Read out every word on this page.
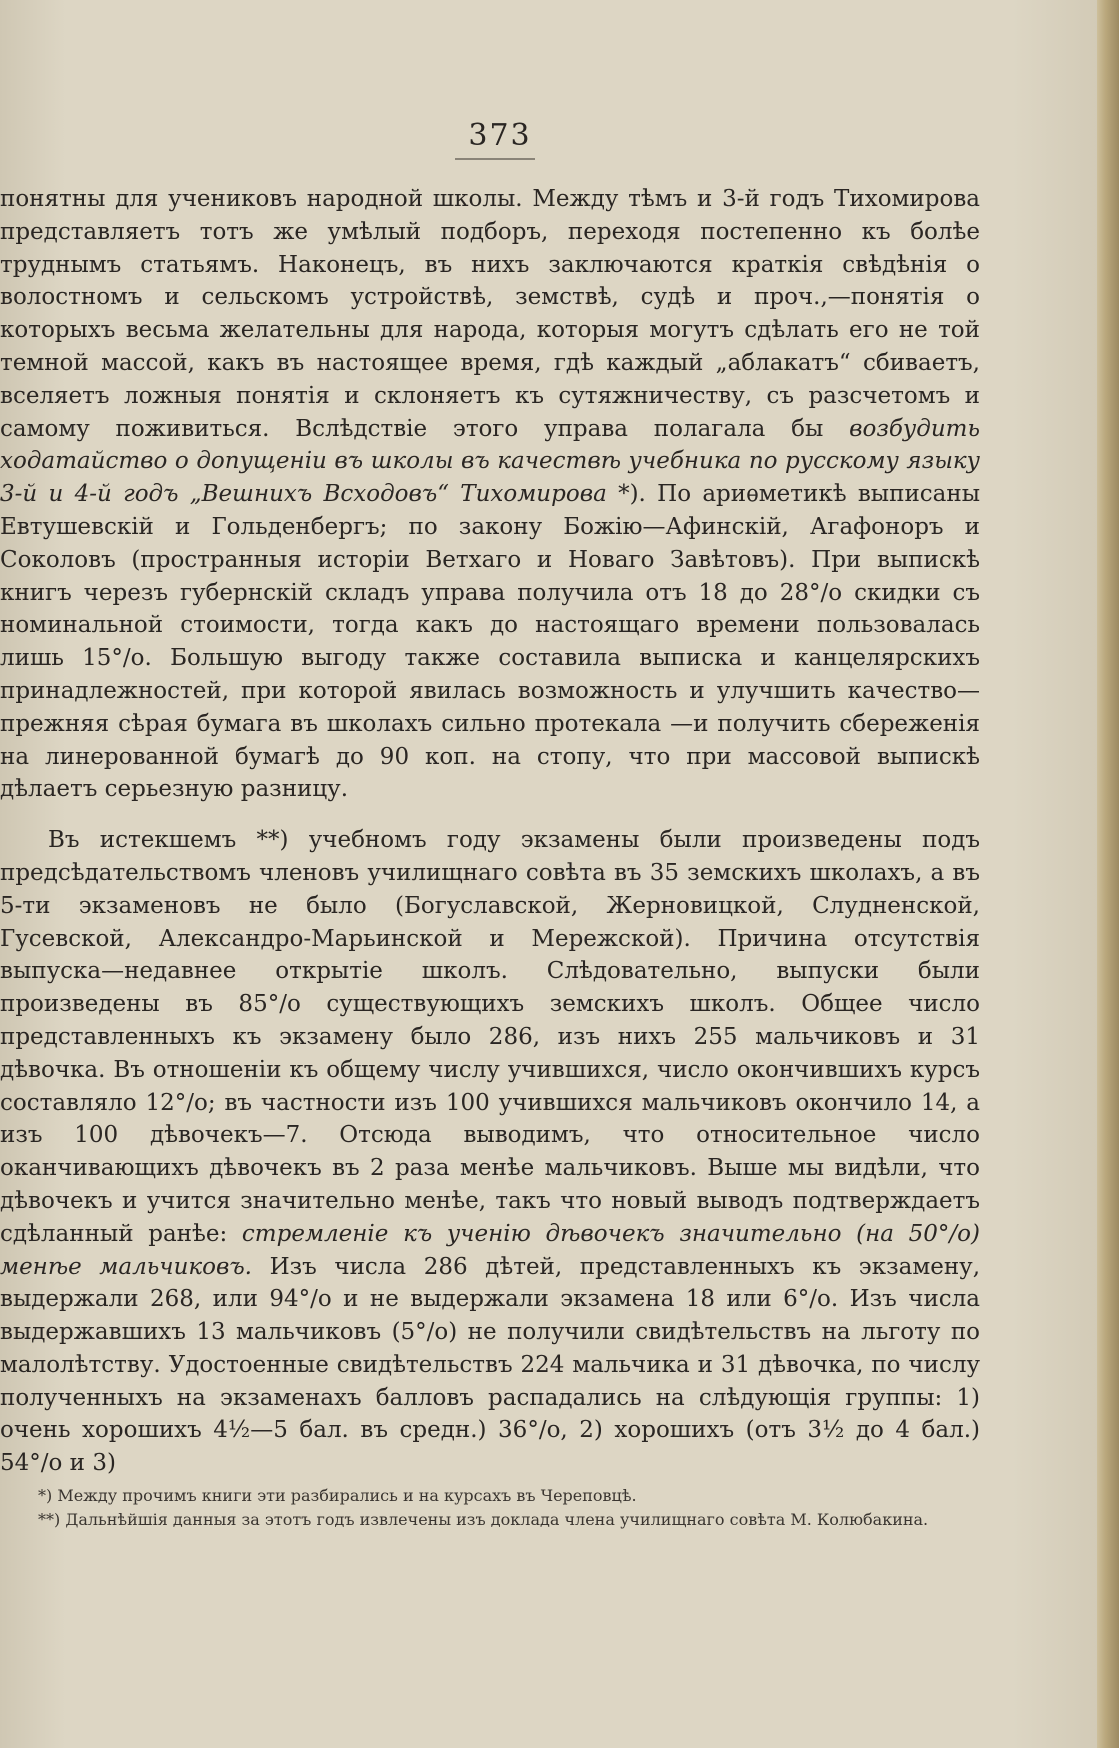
373

понятны для учениковъ народной школы. Между тѣмъ и 3-й годъ Тихомирова представляетъ тотъ же умѣлый подборъ, переходя постепенно къ болѣе труднымъ статьямъ. Наконецъ, въ нихъ заключаются краткія свѣдѣнія о волостномъ и сельскомъ устройствѣ, земствѣ, судѣ и проч.,—понятія о которыхъ весьма желательны для народа, которыя могутъ сдѣлать его не той темной массой, какъ въ настоящее время, гдѣ каждый „аблакатъ“ сбиваетъ, вселяетъ ложныя понятія и склоняетъ къ сутяжничеству, съ разсчетомъ и самому поживиться. Вслѣдствіе этого управа полагала бы возбудить ходатайство о допущеніи въ школы въ качествѣ учебника по русскому языку 3-й и 4-й годъ „Вешнихъ Всходовъ“ Тихомирова *). По ариѳметикѣ выписаны Евтушевскій и Гольденбергъ; по закону Божію—Афинскій, Агафоноръ и Соколовъ (пространныя исторіи Ветхаго и Новаго Завѣтовъ). При выпискѣ книгъ черезъ губернскій складъ управа получила отъ 18 до 28°/о скидки съ номинальной стоимости, тогда какъ до настоящаго времени пользовалась лишь 15°/о. Большую выгоду также составила выписка и канцелярскихъ принадлежностей, при которой явилась возможность и улучшить качество—прежняя сѣрая бумага въ школахъ сильно протекала —и получить сбереженія на линерованной бумагѣ до 90 коп. на стопу, что при массовой выпискѣ дѣлаетъ серьезную разницу.

Въ истекшемъ **) учебномъ году экзамены были произведены подъ предсѣдательствомъ членовъ училищнаго совѣта въ 35 земскихъ школахъ, а въ 5-ти экзаменовъ не было (Богуславской, Жерновицкой, Слудненской, Гусевской, Александро-Марьинской и Мережской). Причина отсутствія выпуска—недавнее открытіе школъ. Слѣдовательно, выпуски были произведены въ 85°/о существующихъ земскихъ школъ. Общее число представленныхъ къ экзамену было 286, изъ нихъ 255 мальчиковъ и 31 дѣвочка. Въ отношеніи къ общему числу учившихся, число окончившихъ курсъ составляло 12°/о; въ частности изъ 100 учившихся мальчиковъ окончило 14, а изъ 100 дѣвочекъ—7. Отсюда выводимъ, что относительное число оканчивающихъ дѣвочекъ въ 2 раза менѣе мальчиковъ. Выше мы видѣли, что дѣвочекъ и учится значительно менѣе, такъ что новый выводъ подтверждаетъ сдѣланный ранѣе: стремленіе къ ученію дѣвочекъ значительно (на 50°/о) менѣе мальчиковъ. Изъ числа 286 дѣтей, представленныхъ къ экзамену, выдержали 268, или 94°/о и не выдержали экзамена 18 или 6°/о. Изъ числа выдержавшихъ 13 мальчиковъ (5°/о) не получили свидѣтельствъ на льготу по малолѣтству. Удостоенные свидѣтельствъ 224 мальчика и 31 дѣвочка, по числу полученныхъ на экзаменахъ балловъ распадались на слѣдующія группы: 1) очень хорошихъ 4½—5 бал. въ средн.) 36°/о, 2) хорошихъ (отъ 3½ до 4 бал.) 54°/о и 3)

*) Между прочимъ книги эти разбирались и на курсахъ въ Череповцѣ.

**) Дальнѣйшія данныя за этотъ годъ извлечены изъ доклада члена училищнаго совѣта М. Колюбакина.
